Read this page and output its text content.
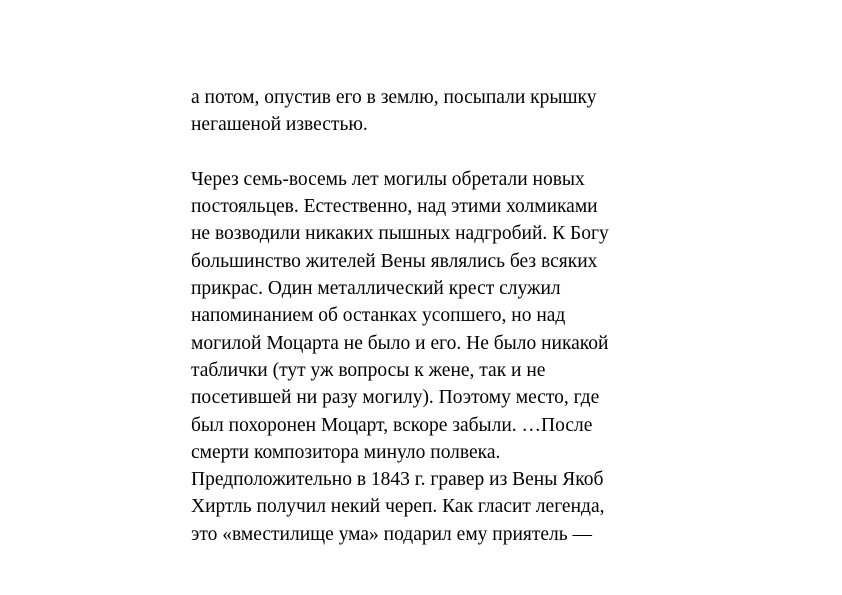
а потом, опустив его в землю, посыпали крышку
негашеной известью.

Через семь-восемь лет могилы обретали новых
постояльцев. Естественно, над этими холмиками
не возводили никаких пышных надгробий. К Богу
большинство жителей Вены являлись без всяких
прикрас. Один металлический крест служил
напоминанием об останках усопшего, но над
могилой Моцарта не было и его. Не было никакой
таблички (тут уж вопросы к жене, так и не
посетившей ни разу могилу). Поэтому место, где
был похоронен Моцарт, вскоре забыли. …После
смерти композитора минуло полвека.
Предположительно в 1843 г. гравер из Вены Якоб
Хиртль получил некий череп. Как гласит легенда,
это «вместилище ума» подарил ему приятель —
